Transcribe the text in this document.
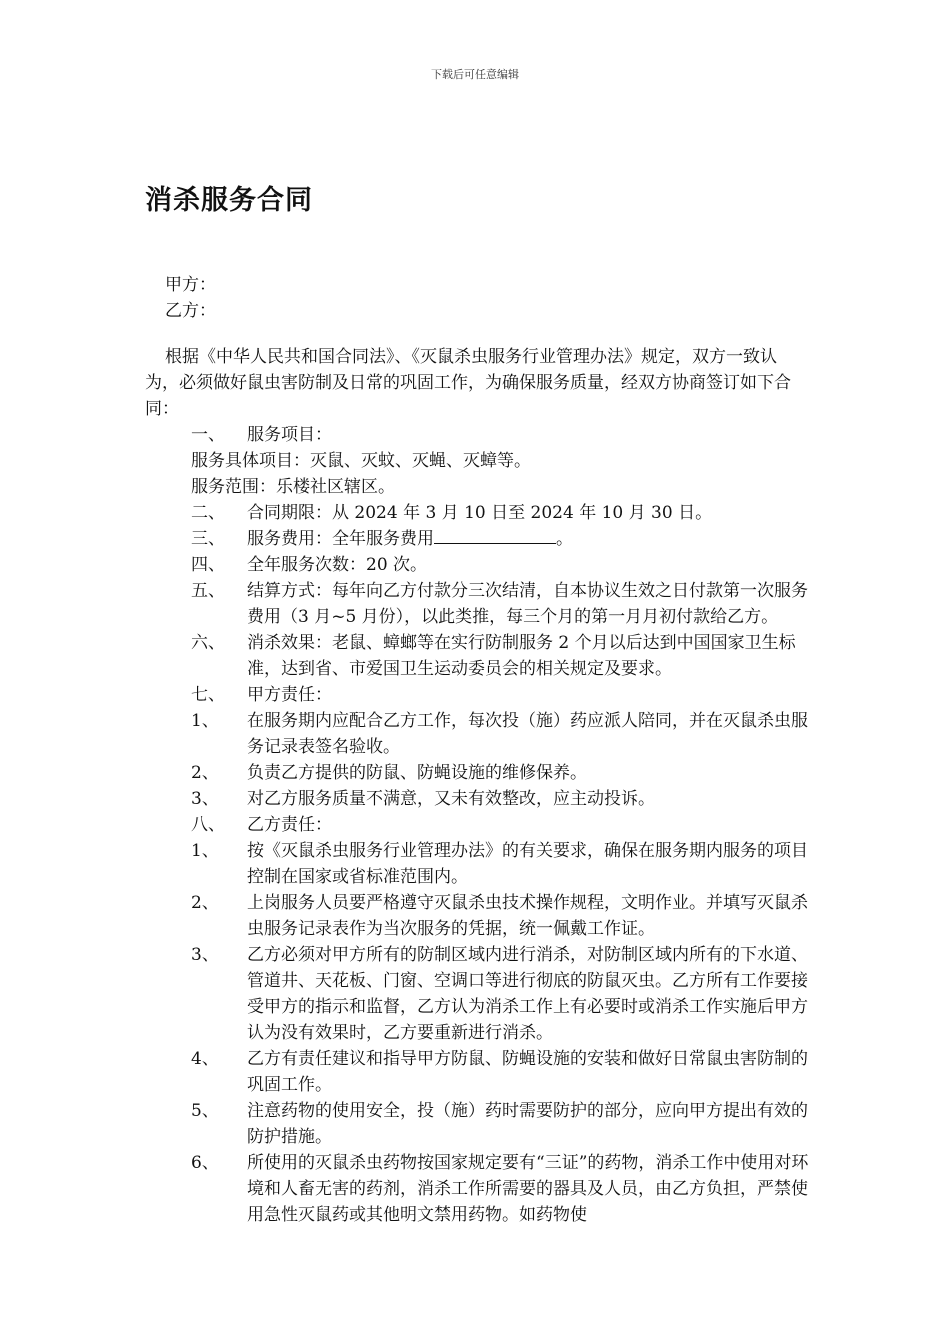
下载后可任意编辑
消杀服务合同
甲方：
乙方：

根据《中华人民共和国合同法》、《灭鼠杀虫服务行业管理办法》规定，双方一致认为，必须做好鼠虫害防制及日常的巩固工作，为确保服务质量，经双方协商签订如下合同：

一、	服务项目：
服务具体项目：灭鼠、灭蚊、灭蝇、灭蟑等。
服务范围：乐楼社区辖区。
二、	合同期限：从 2024 年 3 月 10 日至 2024 年 10 月 30 日。
三、	服务费用：全年服务费用	。
四、	全年服务次数：20 次。
五、	结算方式：每年向乙方付款分三次结清，自本协议生效之日付款第一次服务费用（3 月~5 月份），以此类推，每三个月的第一月月初付款给乙方。
六、	消杀效果：老鼠、蟑螂等在实行防制服务 2 个月以后达到中国国家卫生标准，达到省、市爱国卫生运动委员会的相关规定及要求。
七、	甲方责任：
1、	在服务期内应配合乙方工作，每次投（施）药应派人陪同，并在灭鼠杀虫服务记录表签名验收。
2、	负责乙方提供的防鼠、防蝇设施的维修保养。
3、	对乙方服务质量不满意，又未有效整改，应主动投诉。
八、	乙方责任：
1、	按《灭鼠杀虫服务行业管理办法》的有关要求，确保在服务期内服务的项目控制在国家或省标准范围内。
2、	上岗服务人员要严格遵守灭鼠杀虫技术操作规程，文明作业。并填写灭鼠杀虫服务记录表作为当次服务的凭据，统一佩戴工作证。
3、	乙方必须对甲方所有的防制区域内进行消杀，对防制区域内所有的下水道、管道井、天花板、门窗、空调口等进行彻底的防鼠灭虫。乙方所有工作要接受甲方的指示和监督，乙方认为消杀工作上有必要时或消杀工作实施后甲方认为没有效果时，乙方要重新进行消杀。
4、	乙方有责任建议和指导甲方防鼠、防蝇设施的安装和做好日常鼠虫害防制的巩固工作。
5、	注意药物的使用安全，投（施）药时需要防护的部分，应向甲方提出有效的防护措施。
6、	所使用的灭鼠杀虫药物按国家规定要有“三证”的药物，消杀工作中使用对环境和人畜无害的药剂，消杀工作所需要的器具及人员，由乙方负担，严禁使用急性灭鼠药或其他明文禁用药物。如药物使
